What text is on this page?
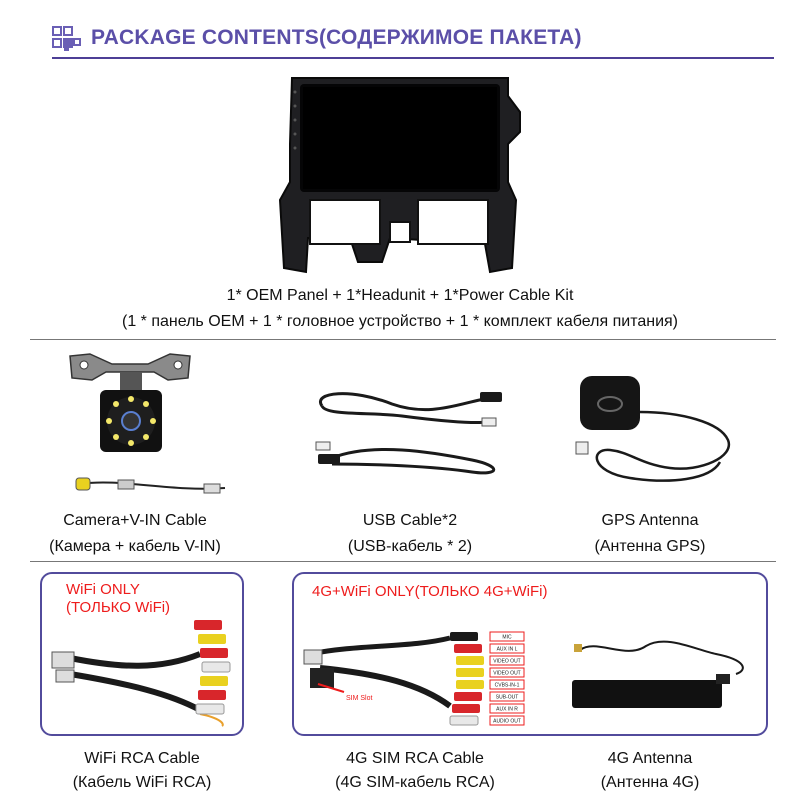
PACKAGE CONTENTS(СОДЕРЖИМОЕ ПАКЕТА)
1* OEM Panel + 1*Headunit + 1*Power Cable Kit
(1 * панель OEM + 1 * головное устройство + 1 * комплект кабеля питания)
Camera+V-IN Cable
(Камера + кабель V-IN)
USB Cable*2
(USB-кабель * 2)
GPS Antenna
(Антенна GPS)
WiFi ONLY
(ТОЛЬКО WiFi)
WiFi RCA Cable
(Кабель WiFi RCA)
4G+WiFi ONLY(ТОЛЬКО 4G+WiFi)
MIC
AUX IN L
VIDEO OUT
VIDEO OUT
CVBS-IN-1
SUB-OUT
AUX IN R
AUDIO OUT
SIM Slot
4G SIM RCA Cable
(4G SIM-кабель RCA)
4G Antenna
(Антенна 4G)
